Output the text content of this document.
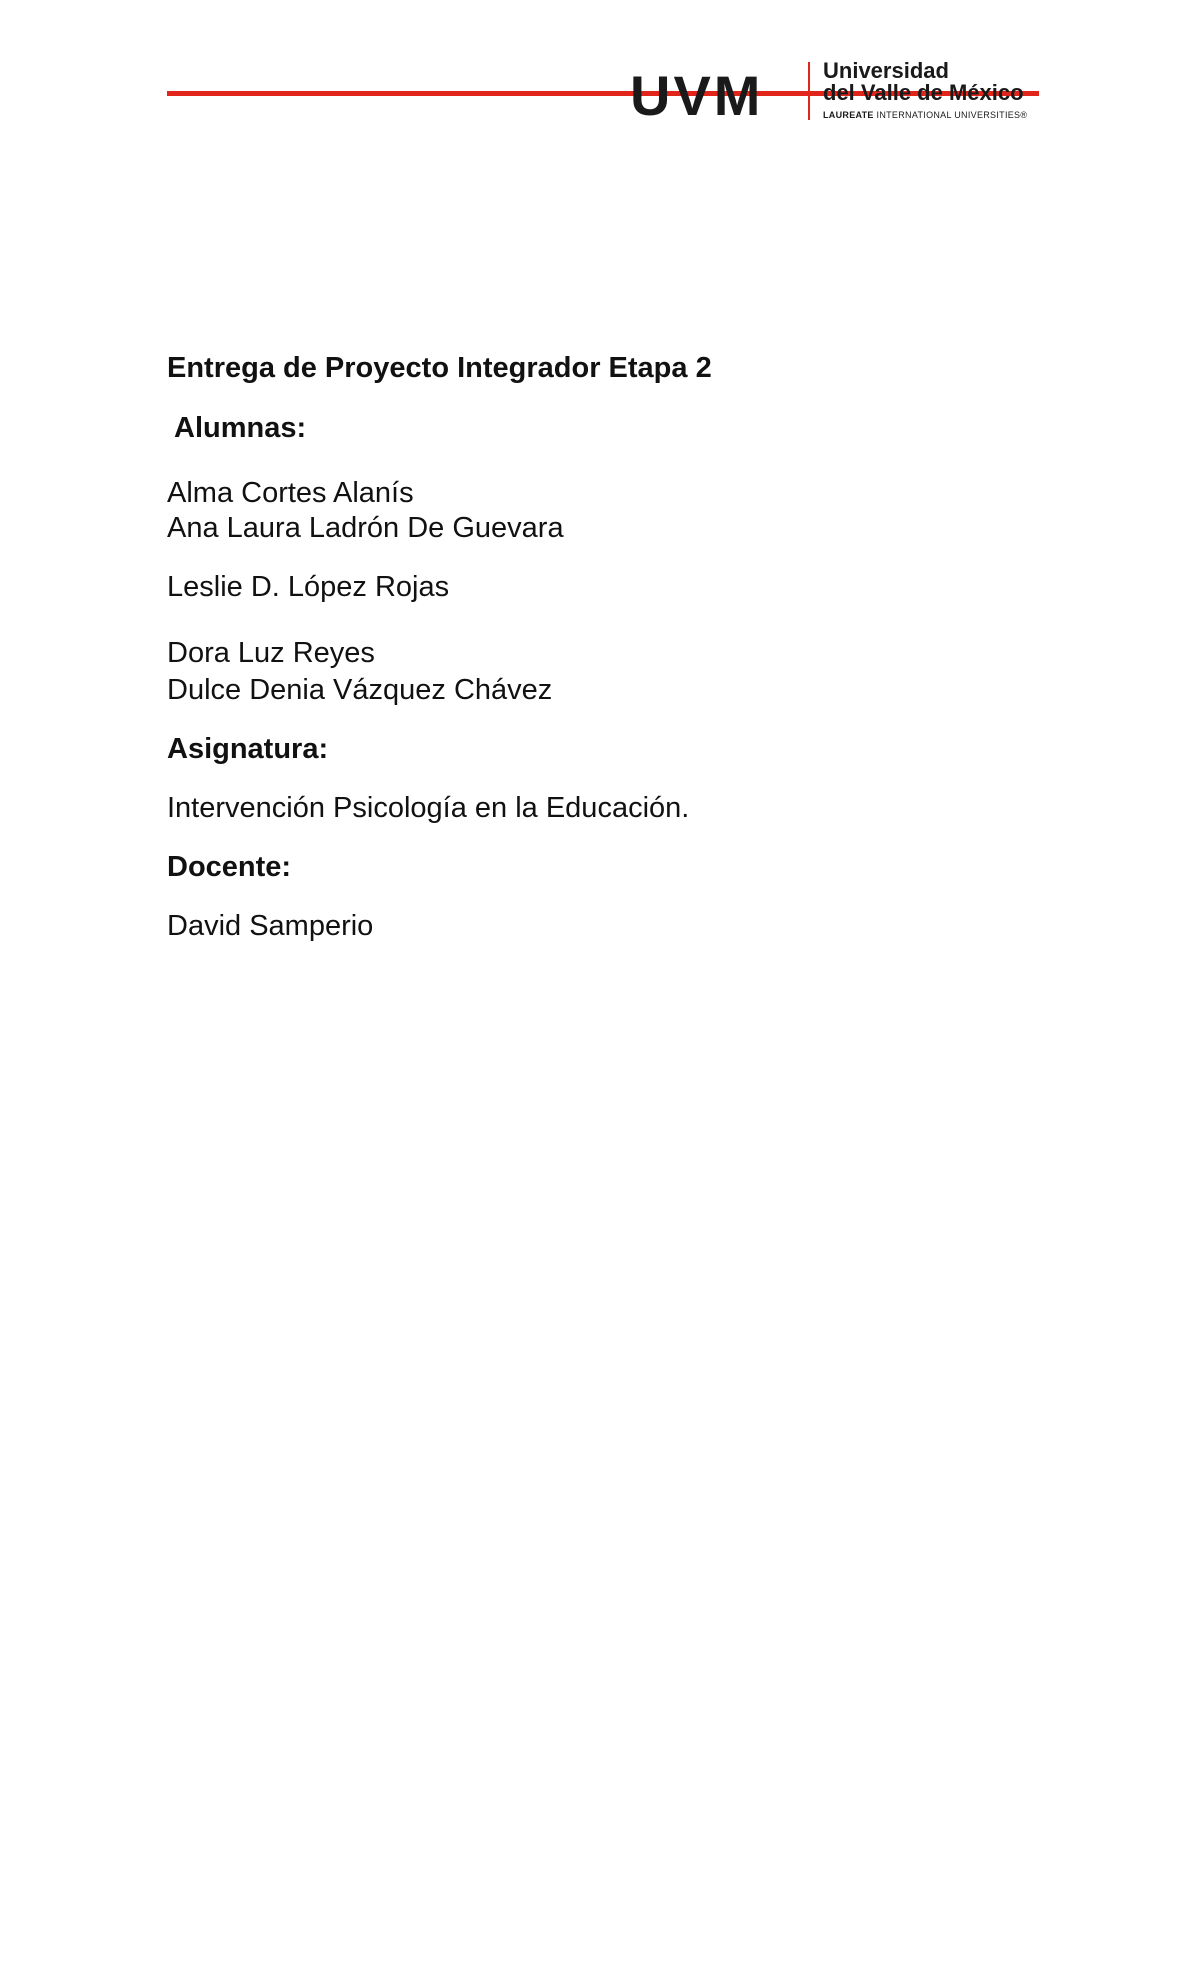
UVM	Universidad
del Valle de México
LAUREATE INTERNATIONAL UNIVERSITIES®
Entrega de Proyecto Integrador Etapa 2
Alumnas:
Alma Cortes Alanís
Ana Laura Ladrón De Guevara
Leslie D. López Rojas
Dora Luz Reyes
Dulce Denia Vázquez Chávez
Asignatura:
Intervención Psicología en la Educación.
Docente:
David Samperio
